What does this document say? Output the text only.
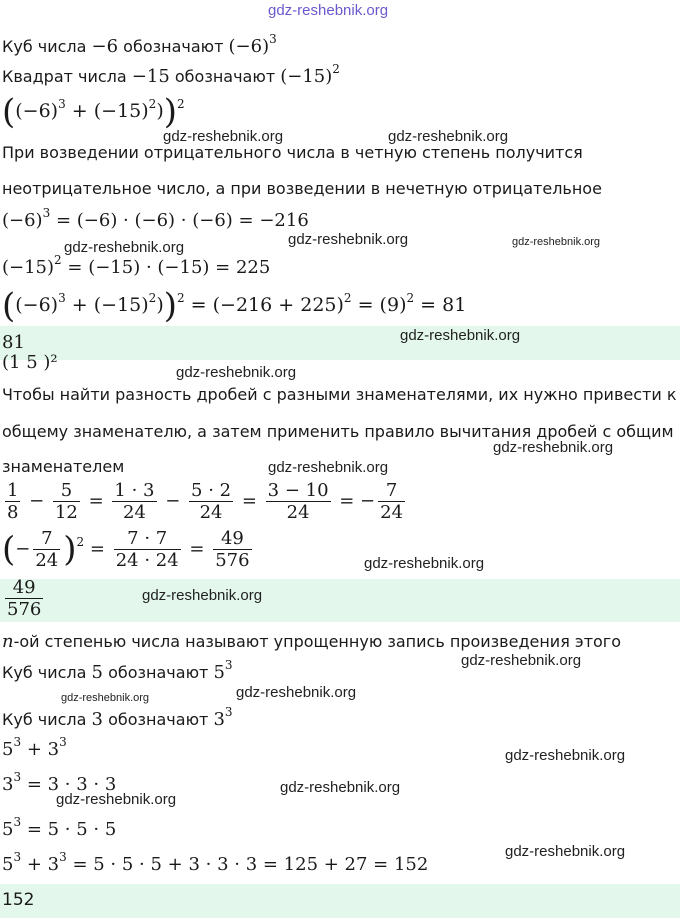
gdz-reshebnik.org
Куб числа −6 обозначают $(-6)^3$
Квадрат числа −15 обозначают $(-15)^2$
$((-6)^3 + (-15)^2))^2$
gdz-reshebnik.org	gdz-reshebnik.org
При возведении отрицательного числа в четную степень получится
неотрицательное число, а при возведении в нечетную отрицательное
$(-6)^3 = (-6) \cdot (-6) \cdot (-6) = -216$
gdz-reshebnik.org	gdz-reshebnik.org	gdz-reshebnik.org
$(-15)^2 = (-15) \cdot (-15) = 225$
$((-6)^3 + (-15)^2))^2 = (-216 + 225)^2 = (9)^2 = 81$
81	gdz-reshebnik.org
(1 5 )²	gdz-reshebnik.org
Чтобы найти разность дробей с разными знаменателями, их нужно привести к
общему знаменателю, а затем применить правило вычитания дробей с общим
gdz-reshebnik.org
знаменателем	gdz-reshebnik.org
$\frac{1}{8} - \frac{5}{12} = \frac{1 \cdot 3}{24} - \frac{5 \cdot 2}{24} = \frac{3 - 10}{24}$ = − $\frac{7}{24}$
(− $\frac{7}{24} )^2 = \frac{7 \cdot 7}{24 \cdot 24} = \frac{49}{576}$	gdz-reshebnik.org
$\frac{49}{576}$	gdz-reshebnik.org
n-ой степенью числа называют упрощенную запись произведения этого
gdz-reshebnik.org
Куб числа 5 обозначают $5^3$
gdz-reshebnik.org
gdz-reshebnik.org
Куб числа 3 обозначают $3^3$
$5^3 + 3^3$
gdz-reshebnik.org
$3^3 = 3 \cdot 3 \cdot 3$	gdz-reshebnik.org
gdz-reshebnik.org
$5^3 = 5 \cdot 5 \cdot 5$
gdz-reshebnik.org
$5^3 + 3^3 = 5 \cdot 5 \cdot 5 + 3 \cdot 3 \cdot 3 = 125 + 27 = 152$
152
